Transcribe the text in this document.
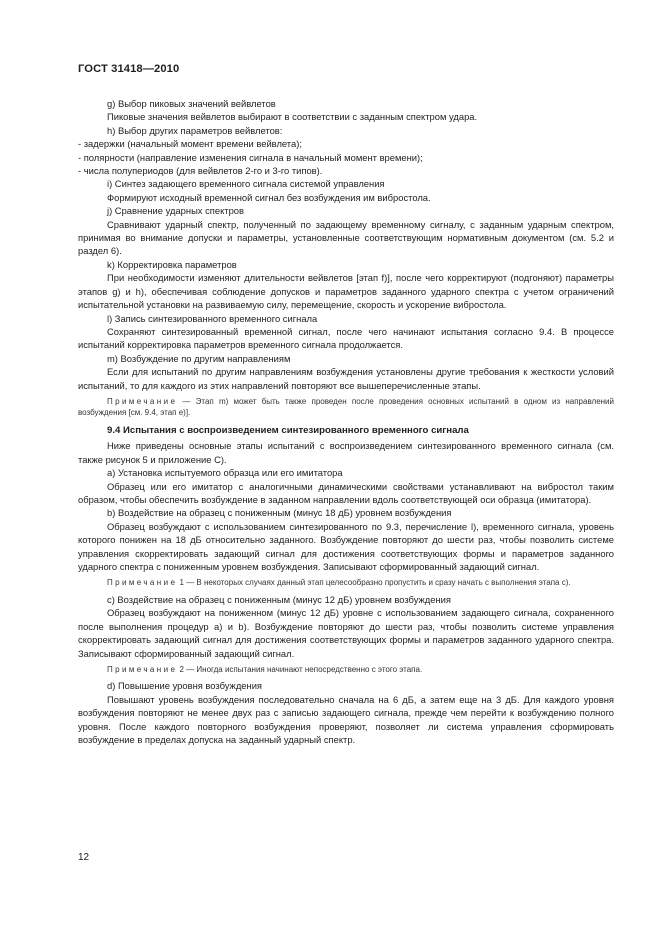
ГОСТ 31418—2010

g) Выбор пиковых значений вейвлетов

Пиковые значения вейвлетов выбирают в соответствии с заданным спектром удара.

h) Выбор других параметров вейвлетов:

- задержки (начальный момент времени вейвлета);

- полярности (направление изменения сигнала в начальный момент времени);

- числа полупериодов (для вейвлетов 2-го и 3-го типов).

i) Синтез задающего временного сигнала системой управления

Формируют исходный временной сигнал без возбуждения им вибростола.

j) Сравнение ударных спектров

Сравнивают ударный спектр, полученный по задающему временному сигналу, с заданным ударным спектром, принимая во внимание допуски и параметры, установленные соответствующим нормативным документом (см. 5.2 и раздел 6).

k) Корректировка параметров

При необходимости изменяют длительности вейвлетов [этап f)], после чего корректируют (подгоняют) параметры этапов g) и h), обеспечивая соблюдение допусков и параметров заданного ударного спектра с учетом ограничений испытательной установки на развиваемую силу, перемещение, скорость и ускорение вибростола.

l) Запись синтезированного временного сигнала

Сохраняют синтезированный временной сигнал, после чего начинают испытания согласно 9.4. В процессе испытаний корректировка параметров временного сигнала продолжается.

m) Возбуждение по другим направлениям

Если для испытаний по другим направлениям возбуждения установлены другие требования к жесткости условий испытаний, то для каждого из этих направлений повторяют все вышеперечисленные этапы.

Примечание — Этап m) может быть также проведен после проведения основных испытаний в одном из направлений возбуждения [см. 9.4, этап e)].

9.4 Испытания с воспроизведением синтезированного временного сигнала

Ниже приведены основные этапы испытаний с воспроизведением синтезированного временного сигнала (см. также рисунок 5 и приложение С).

a) Установка испытуемого образца или его имитатора

Образец или его имитатор с аналогичными динамическими свойствами устанавливают на вибростол таким образом, чтобы обеспечить возбуждение в заданном направлении вдоль соответствующей оси образца (имитатора).

b) Воздействие на образец с пониженным (минус 18 дБ) уровнем возбуждения

Образец возбуждают с использованием синтезированного по 9.3, перечисление l), временного сигнала, уровень которого понижен на 18 дБ относительно заданного. Возбуждение повторяют до шести раз, чтобы позволить системе управления скорректировать задающий сигнал для достижения соответствующих формы и параметров заданного ударного спектра с пониженным уровнем возбуждения. Записывают сформированный задающий сигнал.

Примечание 1 — В некоторых случаях данный этап целесообразно пропустить и сразу начать с выполнения этапа c).

c) Воздействие на образец с пониженным (минус 12 дБ) уровнем возбуждения

Образец возбуждают на пониженном (минус 12 дБ) уровне с использованием задающего сигнала, сохраненного после выполнения процедур a) и b). Возбуждение повторяют до шести раз, чтобы позволить системе управления скорректировать задающий сигнал для достижения соответствующих формы и параметров заданного ударного спектра. Записывают сформированный задающий сигнал.

Примечание 2 — Иногда испытания начинают непосредственно с этого этапа.

d) Повышение уровня возбуждения

Повышают уровень возбуждения последовательно сначала на 6 дБ, а затем еще на 3 дБ. Для каждого уровня возбуждения повторяют не менее двух раз с записью задающего сигнала, прежде чем перейти к возбуждению полного уровня. После каждого повторного возбуждения проверяют, позволяет ли система управления сформировать возбуждение в пределах допуска на заданный ударный спектр.

12
